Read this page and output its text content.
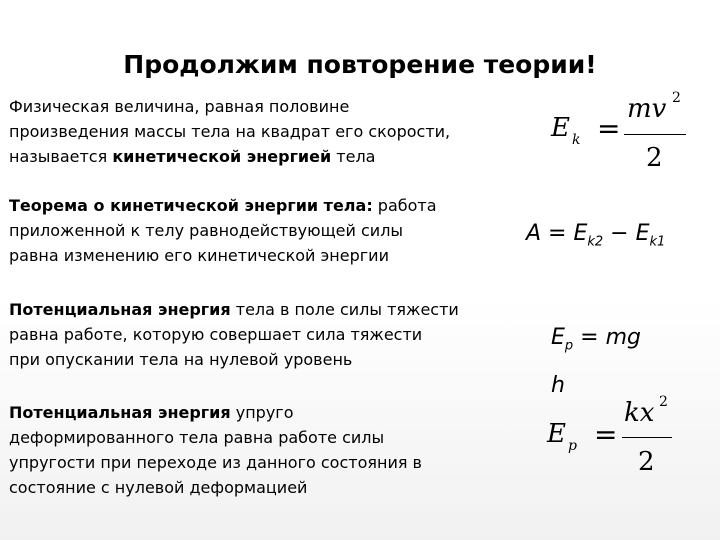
Продолжим повторение теории!
Физическая величина, равная половине
произведения массы тела на квадрат его скорости,
называется кинетической энергией тела
E k =
mv 2
2
Теорема о кинетической энергии тела: работа
приложенной к телу равнодействующей силы
равна изменению его кинетической энергии
$A = E_{k2} - E_{k1}$
Потенциальная энергия тела в поле силы тяжести
равна работе, которую совершает сила тяжести
при опускании тела на нулевой уровень
$E_p$ = mg
h
Потенциальная энергия упруго
деформированного тела равна работе силы
упругости при переходе из данного состояния в
состояние с нулевой деформацией
E p =
kx 2
2
